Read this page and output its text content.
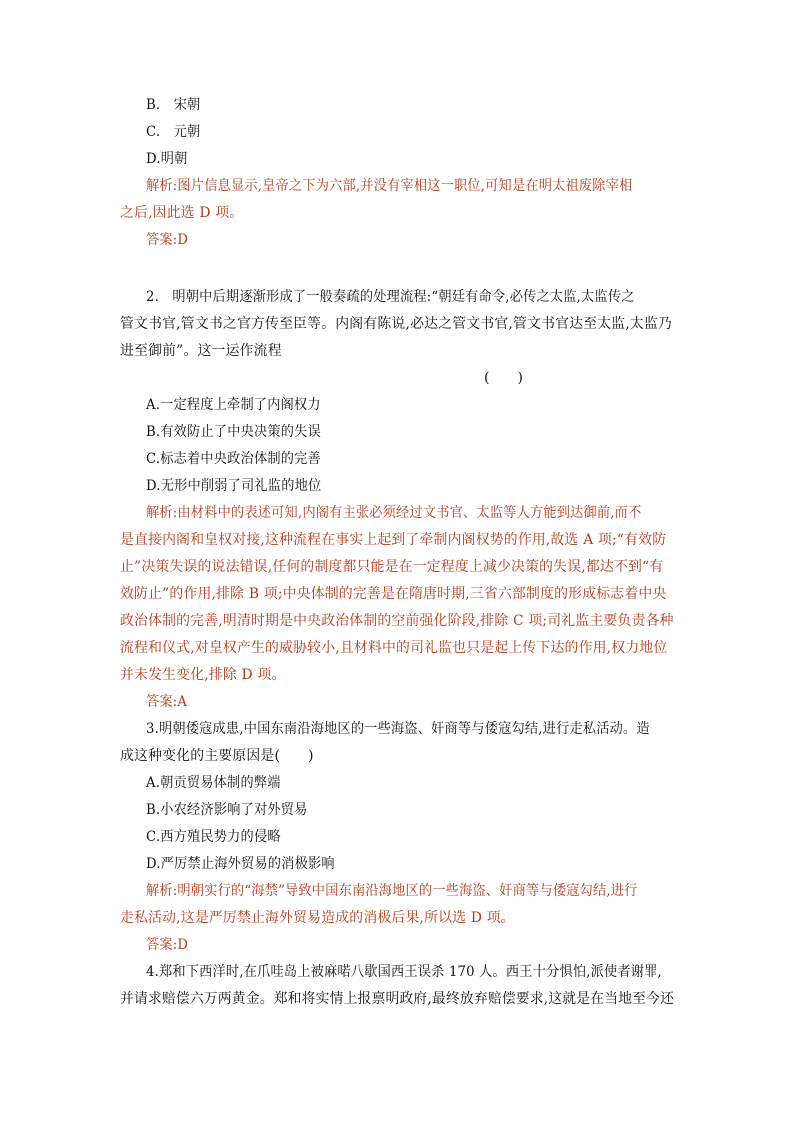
B.　宋朝
C.　元朝
D.明朝
解析:图片信息显示,皇帝之下为六部,并没有宰相这一职位,可知是在明太祖废除宰相
之后,因此选 D 项。
答案:D
2.　明朝中后期逐渐形成了一般奏疏的处理流程:“朝廷有命令,必传之太监,太监传之
管文书官,管文书之官方传至臣等。内阁有陈说,必达之管文书官,管文书官达至太监,太监乃
进至御前”。这一运作流程
(　　)
A.一定程度上牵制了内阁权力
B.有效防止了中央决策的失误
C.标志着中央政治体制的完善
D.无形中削弱了司礼监的地位
解析:由材料中的表述可知,内阁有主张必须经过文书官、太监等人方能到达御前,而不
是直接内阁和皇权对接,这种流程在事实上起到了牵制内阁权势的作用,故选 A 项;“有效防
止”决策失误的说法错误,任何的制度都只能是在一定程度上减少决策的失误,都达不到“有
效防止”的作用,排除 B 项;中央体制的完善是在隋唐时期,三省六部制度的形成标志着中央
政治体制的完善,明清时期是中央政治体制的空前强化阶段,排除 C 项;司礼监主要负责各种
流程和仪式,对皇权产生的威胁较小,且材料中的司礼监也只是起上传下达的作用,权力地位
并未发生变化,排除 D 项。
答案:A
3.明朝倭寇成患,中国东南沿海地区的一些海盗、奸商等与倭寇勾结,进行走私活动。造
成这种变化的主要原因是(　　)
A.朝贡贸易体制的弊端
B.小农经济影响了对外贸易
C.西方殖民势力的侵略
D.严厉禁止海外贸易的消极影响
解析:明朝实行的“海禁”导致中国东南沿海地区的一些海盗、奸商等与倭寇勾结,进行
走私活动,这是严厉禁止海外贸易造成的消极后果,所以选 D 项。
答案:D
4.郑和下西洋时,在爪哇岛上被麻喏八歇国西王误杀 170 人。西王十分惧怕,派使者谢罪,
并请求赔偿六万两黄金。郑和将实情上报禀明政府,最终放弃赔偿要求,这就是在当地至今还
